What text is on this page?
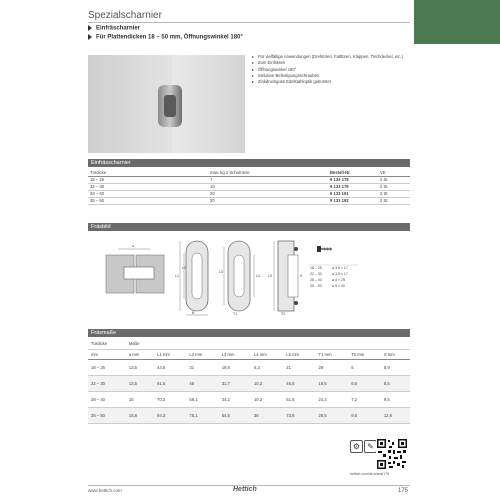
Spezialscharnier
Einfräscharnier
Für Plattendicken 18 – 50 mm, Öffnungswinkel 180°
Für vielfältige Anwendungen (Drehtüren, Falttüren, Klappen, Tischdeckel, etc.)
Zum Einfräsen
Öffnungswinkel 180°
Inklusive Befestigungsschrauben
Zinkdruckguss Edelstahloptik gebürstet
Einfrässcharnier
Türdicke	max. kg 2 Scharniere	Bestell-Nr.	VE
18 – 25	7	9 133 178	2 St.
22 – 30	10	9 133 179	2 St.
28 – 40	20	9 133 191	2 St.
35 – 50	20	9 133 192	2 St.
Fräsbild
a
L1
L2
B
L3
L4
T1
L5
T2
S
18 – 25	⌀ 3,5 × 17
22 – 30	⌀ 3,5 × 17
28 – 40	⌀ 4 × 25
35 – 50	⌀ 5 × 40
Fräsmaße
Türdicke	Maße								
mm	a mm	L1 mm	L2 mm	L3 mm	L4 mm	L5 mm	T1 mm	T2 mm	S mm
18 – 25	13,5	44,5	31	19,8	5,3	21	29	5	8,9
22 – 30	13,5	61,5	48	31,7	10,2	46,5	19,5	6,5	8,5
28 – 40	15	70,3	56,1	34,2	10,2	51,5	24,2	7,2	9,5
35 – 50	15,8	94,3	75,1	54,6	36	73,6	29,5	9,5	12,6
⚙ ✎
hettich.com/de-shtml/175
www.hettich.com	Hettich	175
